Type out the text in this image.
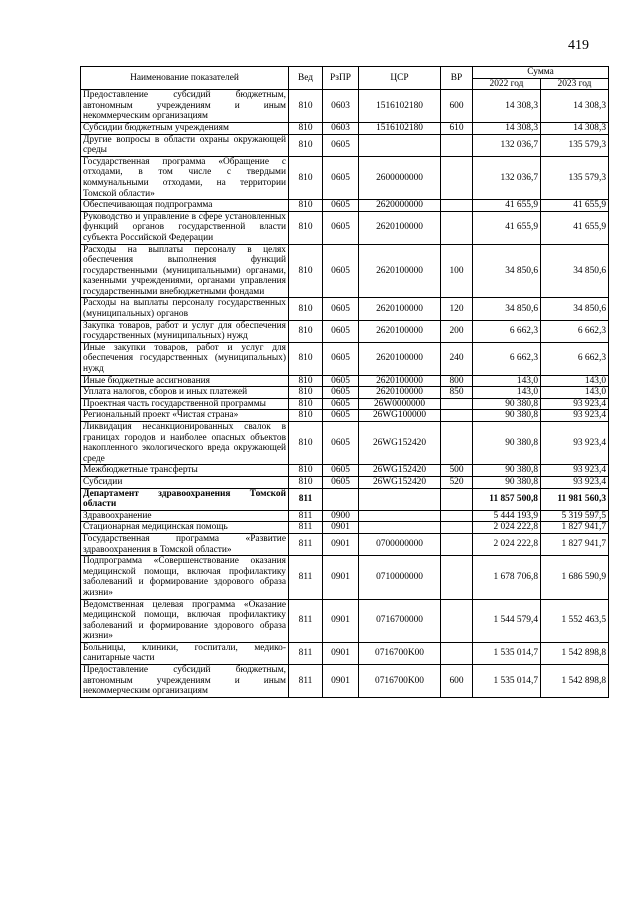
419
Наименование показателей	Вед	РзПР	ЦСР	ВР	Сумма	
					2022 год	2023 год
Предоставление субсидий бюджетным, автономным учреждениям и иным некоммерческим организациям	810	0603	1516102180	600	14 308,3	14 308,3
Субсидии бюджетным учреждениям	810	0603	1516102180	610	14 308,3	14 308,3
Другие вопросы в области охраны окружающей среды	810	0605			132 036,7	135 579,3
Государственная программа «Обращение с отходами, в том числе с твердыми коммунальными отходами, на территории Томской области»	810	0605	2600000000		132 036,7	135 579,3
Обеспечивающая подпрограмма	810	0605	2620000000		41 655,9	41 655,9
Руководство и управление в сфере установленных функций органов государственной власти субъекта Российской Федерации	810	0605	2620100000		41 655,9	41 655,9
Расходы на выплаты персоналу в целях обеспечения выполнения функций государственными (муниципальными) органами, казенными учреждениями, органами управления государственными внебюджетными фондами	810	0605	2620100000	100	34 850,6	34 850,6
Расходы на выплаты персоналу государственных (муниципальных) органов	810	0605	2620100000	120	34 850,6	34 850,6
Закупка товаров, работ и услуг для обеспечения государственных (муниципальных) нужд	810	0605	2620100000	200	6 662,3	6 662,3
Иные закупки товаров, работ и услуг для обеспечения государственных (муниципальных) нужд	810	0605	2620100000	240	6 662,3	6 662,3
Иные бюджетные ассигнования	810	0605	2620100000	800	143,0	143,0
Уплата налогов, сборов и иных платежей	810	0605	2620100000	850	143,0	143,0
Проектная часть государственной программы	810	0605	26W0000000		90 380,8	93 923,4
Региональный проект «Чистая страна»	810	0605	26WG100000		90 380,8	93 923,4
Ликвидация несанкционированных свалок в границах городов и наиболее опасных объектов накопленного экологического вреда окружающей среде	810	0605	26WG152420		90 380,8	93 923,4
Межбюджетные трансферты	810	0605	26WG152420	500	90 380,8	93 923,4
Субсидии	810	0605	26WG152420	520	90 380,8	93 923,4
Департамент здравоохранения Томской области	811				11 857 500,8	11 981 560,3
Здравоохранение	811	0900			5 444 193,9	5 319 597,5
Стационарная медицинская помощь	811	0901			2 024 222,8	1 827 941,7
Государственная программа «Развитие здравоохранения в Томской области»	811	0901	0700000000		2 024 222,8	1 827 941,7
Подпрограмма «Совершенствование оказания медицинской помощи, включая профилактику заболеваний и формирование здорового образа жизни»	811	0901	0710000000		1 678 706,8	1 686 590,9
Ведомственная целевая программа «Оказание медицинской помощи, включая профилактику заболеваний и формирование здорового образа жизни»	811	0901	0716700000		1 544 579,4	1 552 463,5
Больницы, клиники, госпитали, медико-санитарные части	811	0901	0716700K00		1 535 014,7	1 542 898,8
Предоставление субсидий бюджетным, автономным учреждениям и иным некоммерческим организациям	811	0901	0716700K00	600	1 535 014,7	1 542 898,8
